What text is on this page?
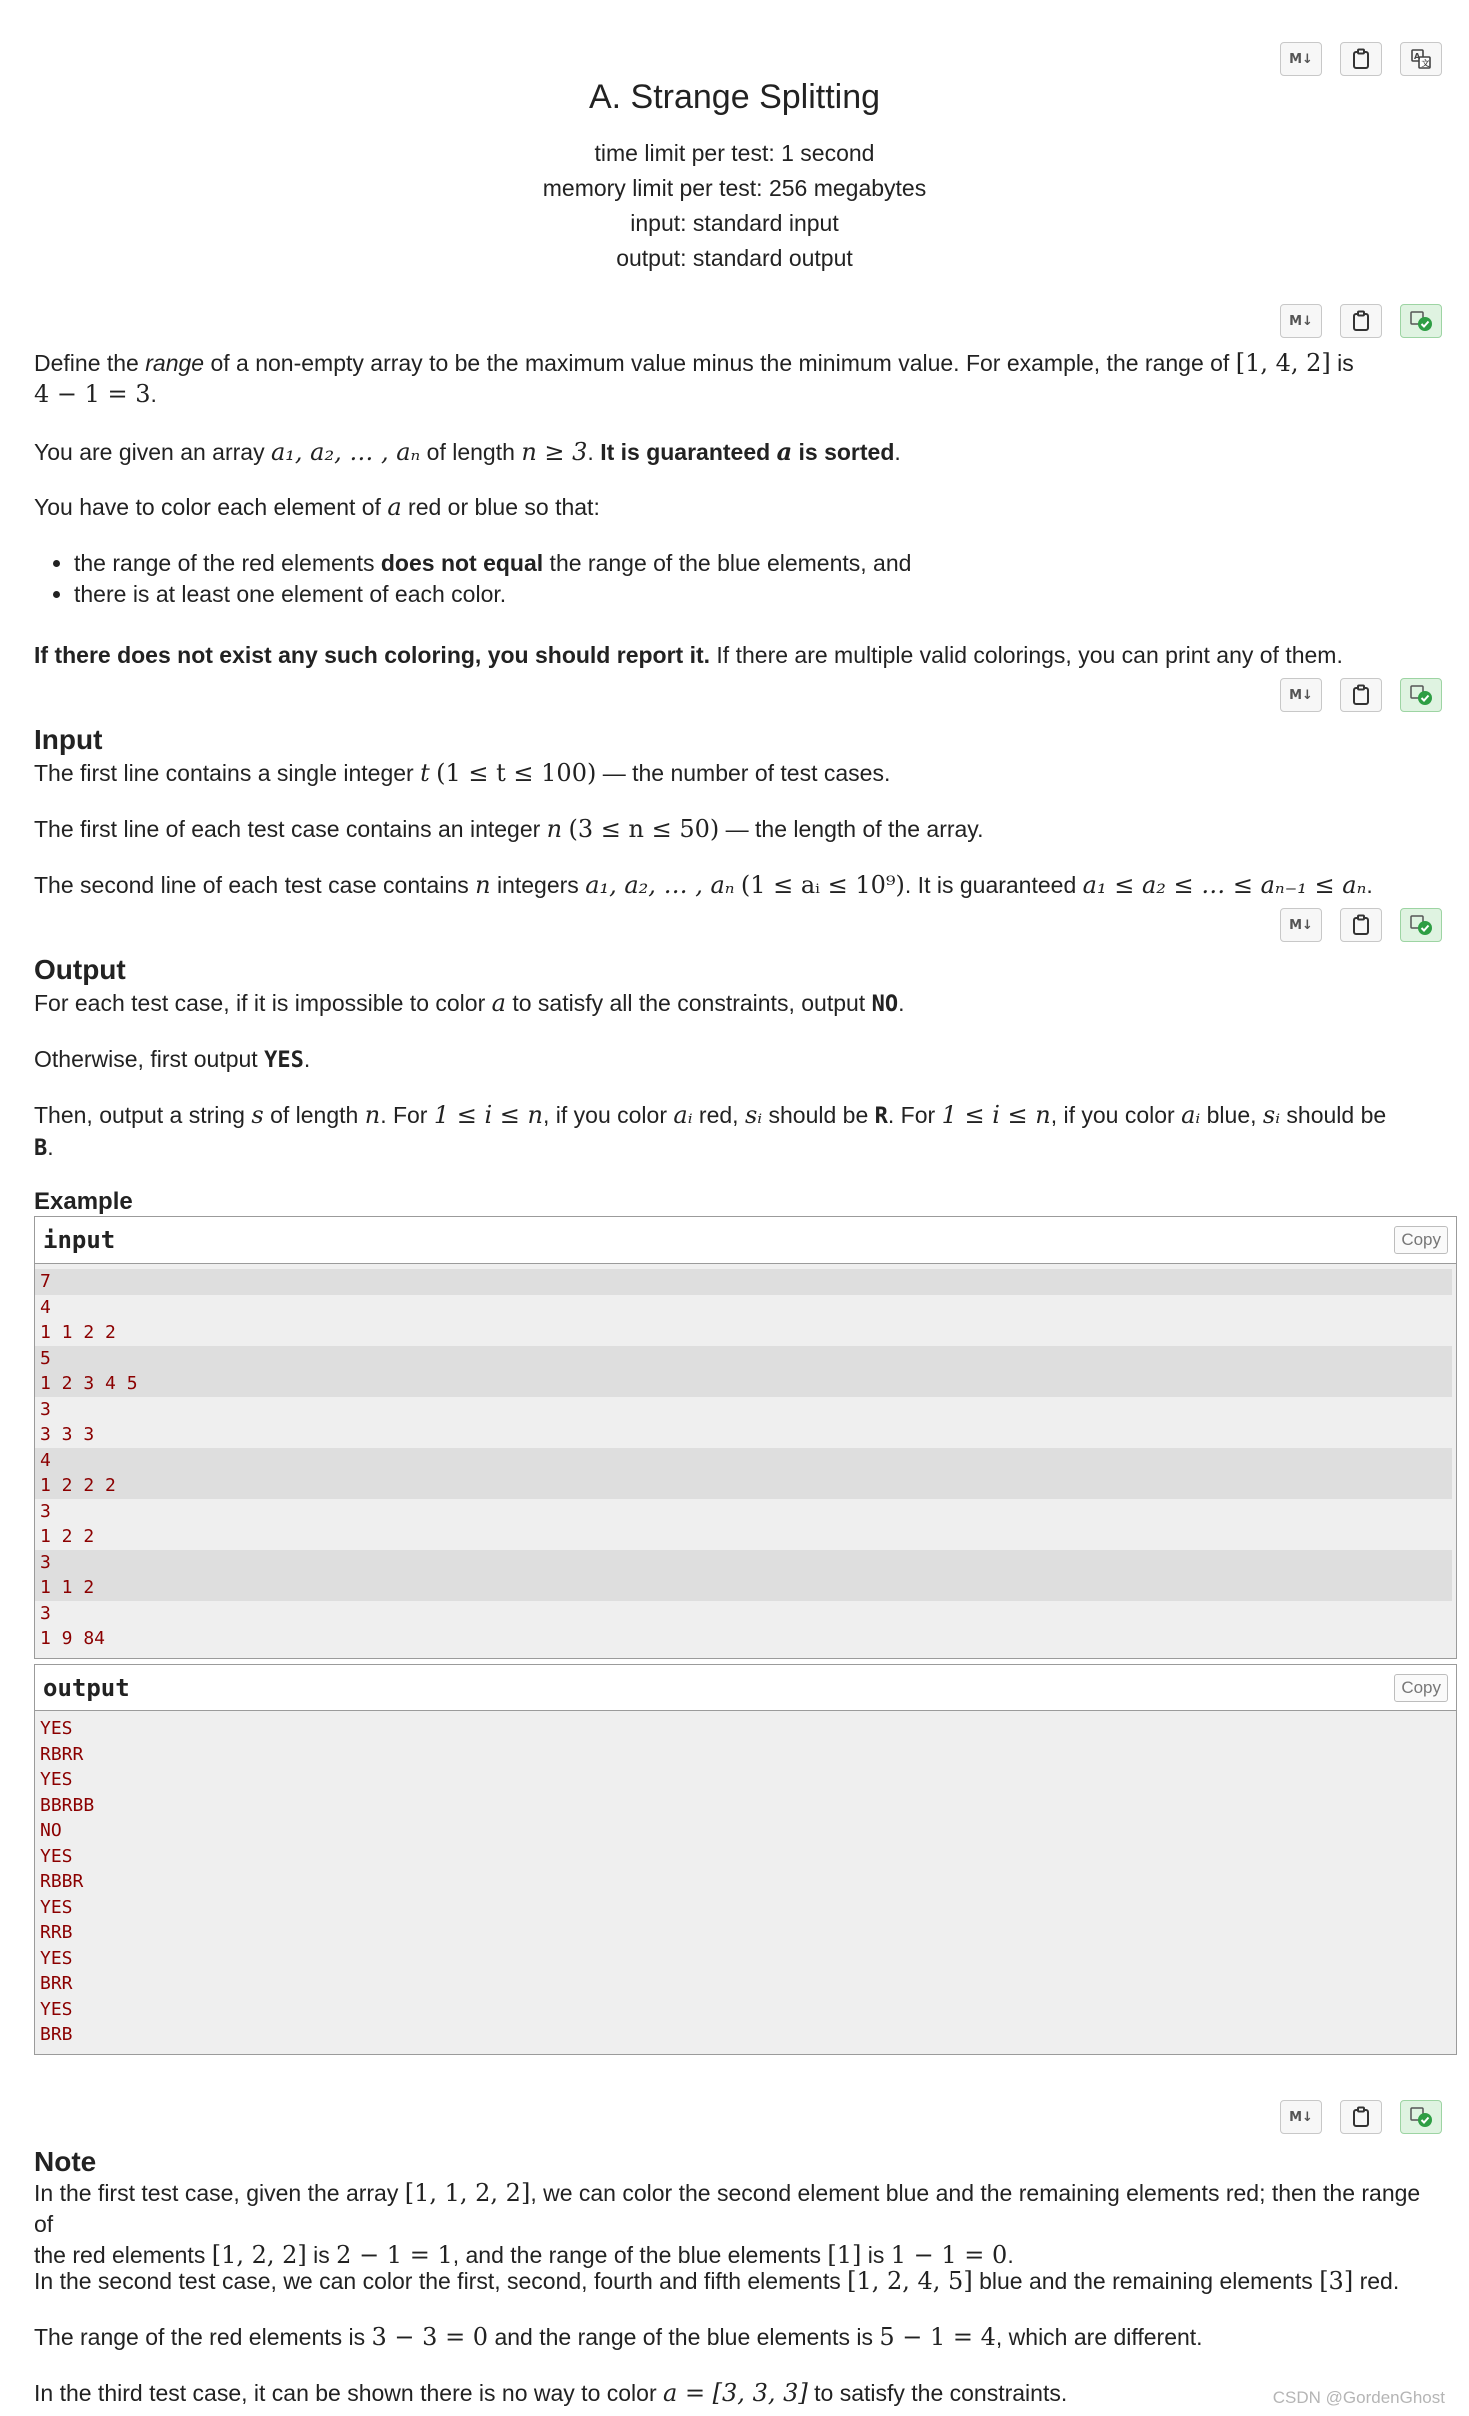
M↓	A
文
A. Strange Splitting
time limit per test: 1 second
memory limit per test: 256 megabytes
input: standard input
output: standard output
M↓
Define the range of a non-empty array to be the maximum value minus the minimum value. For example, the range of [1, 4, 2] is
4 − 1 = 3.
You are given an array a₁, a₂, … , aₙ of length n ≥ 3. It is guaranteed a is sorted.
You have to color each element of a red or blue so that:
• the range of the red elements does not equal the range of the blue elements, and
• there is at least one element of each color.
If there does not exist any such coloring, you should report it. If there are multiple valid colorings, you can print any of them.
M↓
Input
The first line contains a single integer t (1 ≤ t ≤ 100) — the number of test cases.
The first line of each test case contains an integer n (3 ≤ n ≤ 50) — the length of the array.
The second line of each test case contains n integers a₁, a₂, … , aₙ (1 ≤ aᵢ ≤ 10⁹). It is guaranteed a₁ ≤ a₂ ≤ … ≤ aₙ₋₁ ≤ aₙ.
M↓
Output
For each test case, if it is impossible to color a to satisfy all the constraints, output NO.
Otherwise, first output YES.
Then, output a string s of length n. For 1 ≤ i ≤ n, if you color aᵢ red, sᵢ should be R. For 1 ≤ i ≤ n, if you color aᵢ blue, sᵢ should be
B.
Example
input	Copy
7
4
1 1 2 2
5
1 2 3 4 5
3
3 3 3
4
1 2 2 2
3
1 2 2
3
1 1 2
3
1 9 84
output	Copy
YES
RBRR
YES
BBRBB
NO
YES
RBBR
YES
RRB
YES
BRR
YES
BRB
M↓
Note
In the first test case, given the array [1, 1, 2, 2], we can color the second element blue and the remaining elements red; then the range of
the red elements [1, 2, 2] is 2 − 1 = 1, and the range of the blue elements [1] is 1 − 1 = 0.
In the second test case, we can color the first, second, fourth and fifth elements [1, 2, 4, 5] blue and the remaining elements [3] red.
The range of the red elements is 3 − 3 = 0 and the range of the blue elements is 5 − 1 = 4, which are different.
In the third test case, it can be shown there is no way to color a = [3, 3, 3] to satisfy the constraints.	CSDN @GordenGhost
